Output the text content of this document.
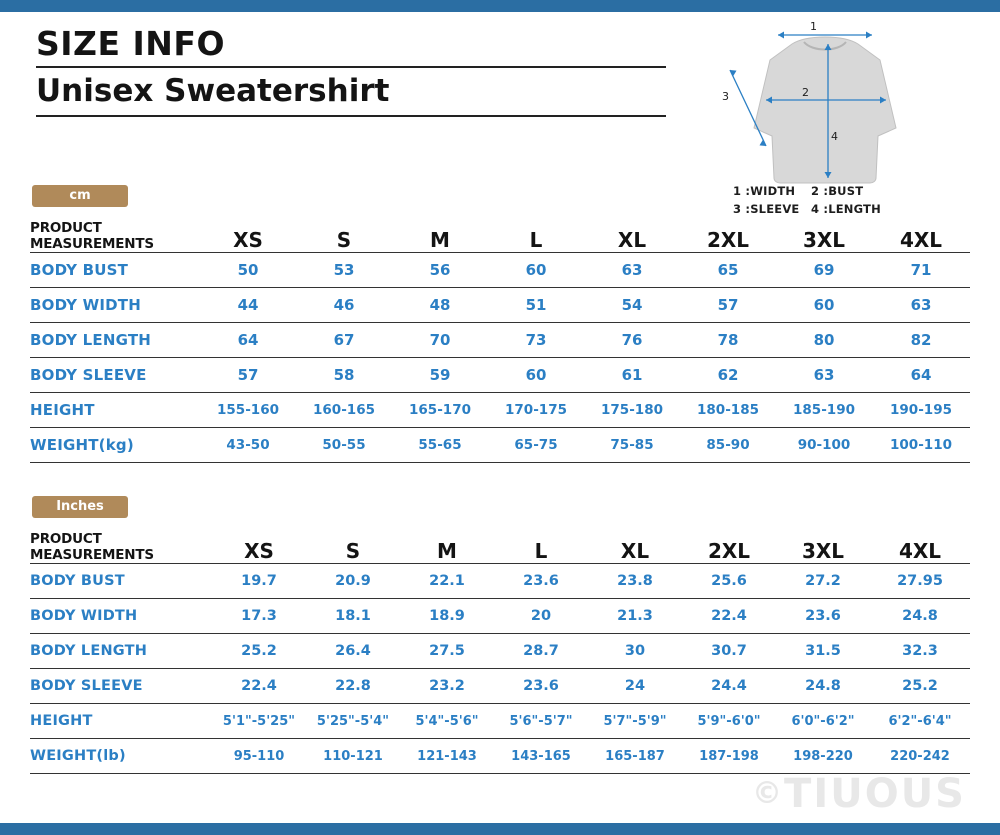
SIZE INFO
Unisex Sweatershirt
1
2
3
4
1 :WIDTH 2 :BUST
3 :SLEEVE 4 :LENGTH
cm
PRODUCT MEASUREMENTS	XS	S	M	L	XL	2XL	3XL	4XL
BODY BUST	50	53	56	60	63	65	69	71
BODY WIDTH	44	46	48	51	54	57	60	63
BODY LENGTH	64	67	70	73	76	78	80	82
BODY SLEEVE	57	58	59	60	61	62	63	64
HEIGHT	155-160	160-165	165-170	170-175	175-180	180-185	185-190	190-195
WEIGHT(kg)	43-50	50-55	55-65	65-75	75-85	85-90	90-100	100-110
Inches
PRODUCT MEASUREMENTS	XS	S	M	L	XL	2XL	3XL	4XL
BODY BUST	19.7	20.9	22.1	23.6	23.8	25.6	27.2	27.95
BODY WIDTH	17.3	18.1	18.9	20	21.3	22.4	23.6	24.8
BODY LENGTH	25.2	26.4	27.5	28.7	30	30.7	31.5	32.3
BODY SLEEVE	22.4	22.8	23.2	23.6	24	24.4	24.8	25.2
HEIGHT	5'1"-5'25"	5'25"-5'4"	5'4"-5'6"	5'6"-5'7"	5'7"-5'9"	5'9"-6'0"	6'0"-6'2"	6'2"-6'4"
WEIGHT(lb)	95-110	110-121	121-143	143-165	165-187	187-198	198-220	220-242
©TIUOUS
